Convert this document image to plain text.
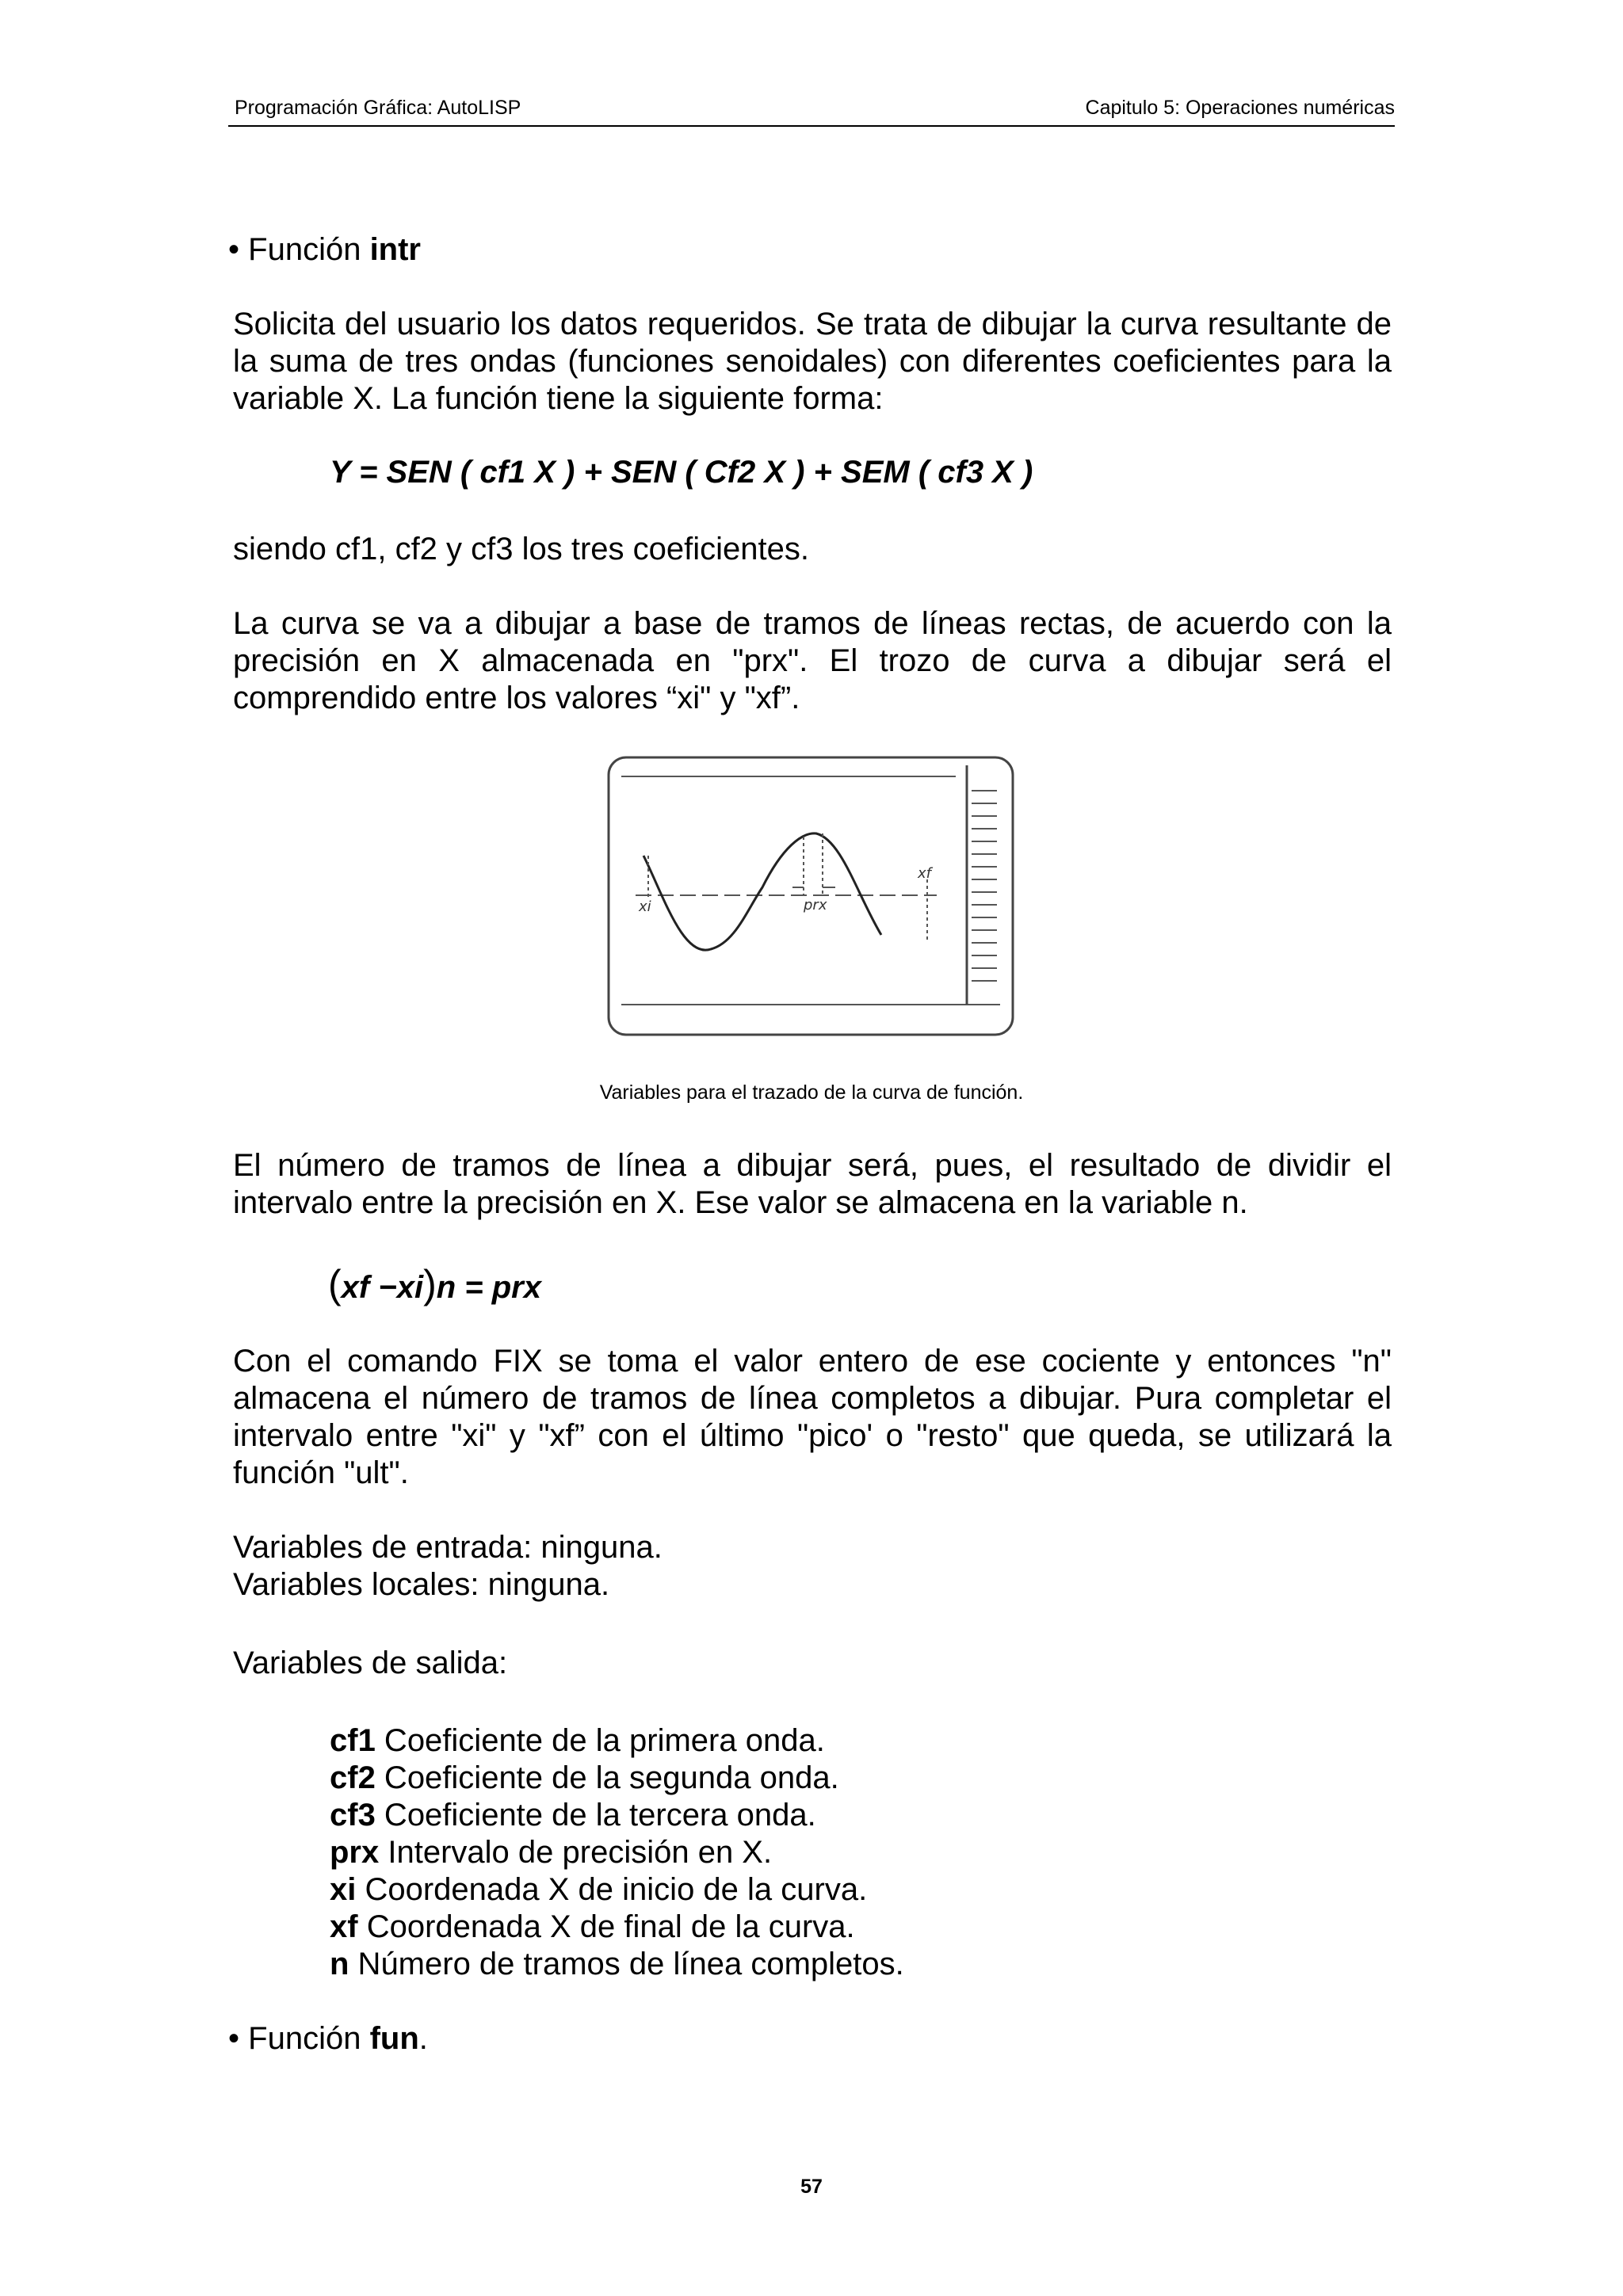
Programación Gráfica: AutoLISP	Capitulo 5: Operaciones numéricas
• Función intr
Solicita del usuario los datos requeridos. Se trata de dibujar la curva resultante de la suma de tres ondas (funciones senoidales) con diferentes coeficientes para la variable X. La función tiene la siguiente forma:
Y = SEN ( cf1 X ) + SEN ( Cf2 X ) + SEM ( cf3 X )
siendo cf1, cf2 y cf3 los tres coeficientes.
La curva se va a dibujar a base de tramos de líneas rectas, de acuerdo con la precisión en X almacenada en "prx". El trozo de curva a dibujar será el comprendido entre los valores “xi" y "xf”.
xi	prx
xf
Variables para el trazado de la curva de función.
El número de tramos de línea a dibujar será, pues, el resultado de dividir el intervalo entre la precisión en X. Ese valor se almacena en la variable n.
(xf −xi)n = prx
Con el comando FIX se toma el valor entero de ese cociente y entonces "n" almacena el número de tramos de línea completos a dibujar. Pura completar el intervalo entre "xi" y "xf” con el último "pico' o "resto" que queda, se utilizará la función "ult".
Variables de entrada: ninguna.
Variables locales: ninguna.
Variables de salida:
cf1 Coeficiente de la primera onda.
cf2 Coeficiente de la segunda onda.
cf3 Coeficiente de la tercera onda.
prx Intervalo de precisión en X.
xi Coordenada X de inicio de la curva.
xf Coordenada X de final de la curva.
n Número de tramos de línea completos.
• Función fun.
57
